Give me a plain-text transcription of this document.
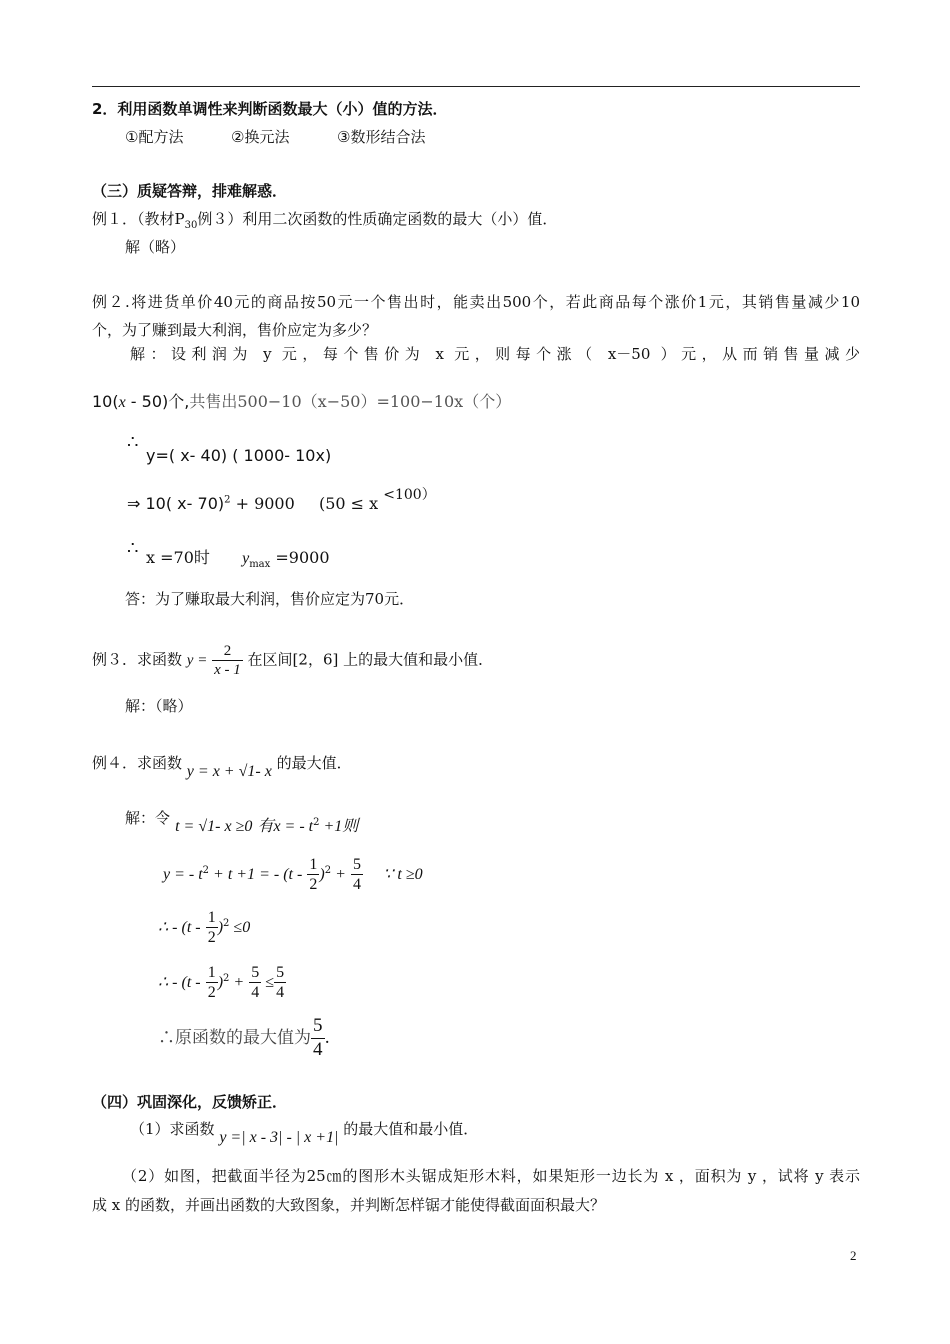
2．利用函数单调性来判断函数最大（小）值的方法．
①配方法	②换元法	③数形结合法
（三）质疑答辩，排难解惑．
例１．（教材$P_{30}$例３）利用二次函数的性质确定函数的最大（小）值．
解（略）
例２.将进货单价40元的商品按50元一个售出时，能卖出500个，若此商品每个涨价1元，其销售量减少10
个，为了赚到最大利润，售价应定为多少？
解：设利润为 y 元，每个售价为 x 元，则每个涨（ x－50 ）元，从而销售量减少
10(x - 50)个,共售出500−10（x−50）=100−10x（个）
∴
y=( x- 40) ( 1000- 10x)
⇒ 10( x- 70)$^2$ + 9000 (50 ≤ x <100）
∴ x =70时 $y_{max} =9000$
答：为了赚取最大利润，售价应定为70元．
例３．求函数 $y = \frac{2}{x - 1}$ 在区间[2，6] 上的最大值和最小值．
解：（略）
例４．求函数 y = x + √1- x 的最大值．
解：令 t = √1- x ≥0 有x = - $t^2 +1$则
y = - $t^2 + t +1$ = - $(t - \frac{1}{2} )^2 + \frac{5}{4}$ ∵ t ≥0
∴ - $(t - \frac{1}{2} )^2 \le 0$
∴ - $(t - \frac{1}{2} )^2 + \frac{5}{4} \le \frac{5}{4}$
∴原函数的最大值为 $\frac{5}{4}$ .
（四）巩固深化，反馈矫正．
（1）求函数 y =| x - 3| - | x +1| 的最大值和最小值．
（2）如图，把截面半径为25㎝的图形木头锯成矩形木料，如果矩形一边长为 x ，面积为 y ，试将 y 表示
成 x 的函数，并画出函数的大致图象，并判断怎样锯才能使得截面面积最大？
2
